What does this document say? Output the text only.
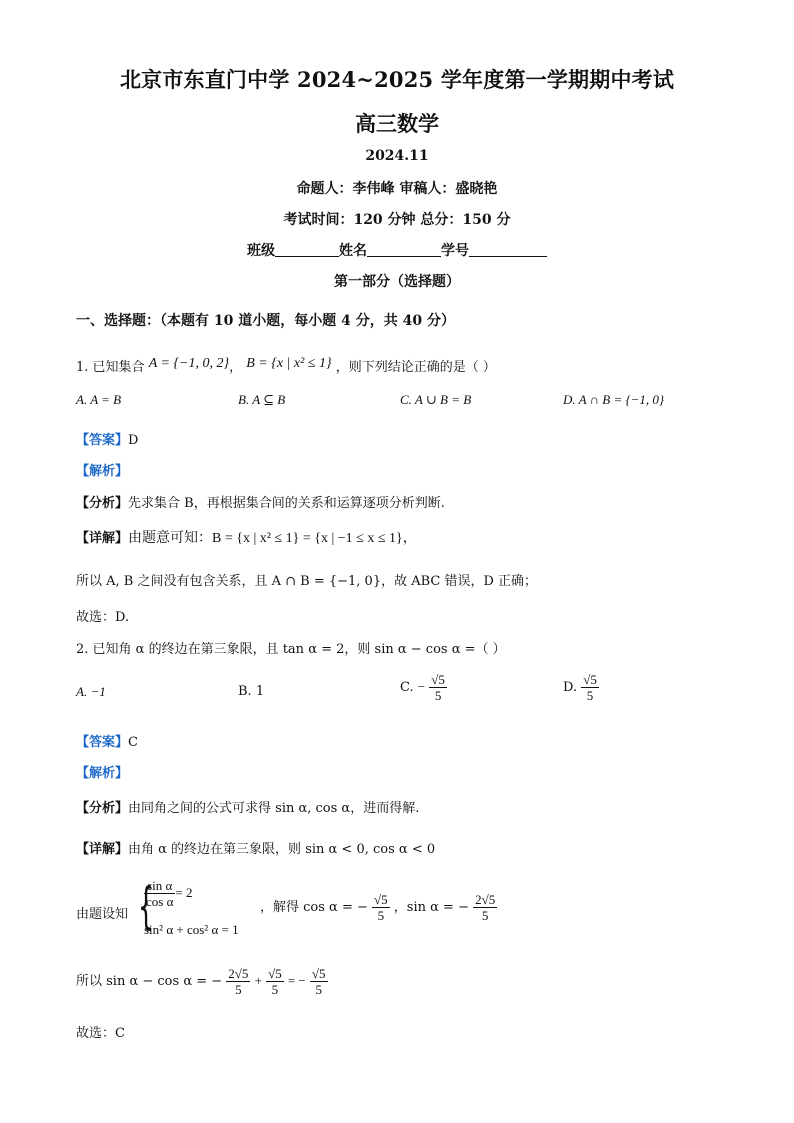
北京市东直门中学 2024~2025 学年度第一学期期中考试
高三数学
2024.11
命题人：李伟峰 审稿人：盛晓艳
考试时间：120 分钟 总分：150 分
班级	姓名	学号
第一部分（选择题）
一、选择题：（本题有 10 道小题，每小题 4 分，共 40 分）
1. 已知集合 A = {−1, 0, 2}， B = {x | x² ≤ 1} ，则下列结论正确的是（ ）
A. A = B	B. A ⊆ B	C. A ∪ B = B	D. A ∩ B = {−1, 0}
【答案】D
【解析】
【分析】先求集合 B，再根据集合间的关系和运算逐项分析判断.
【详解】由题意可知：B = {x | x² ≤ 1} = {x | −1 ≤ x ≤ 1}，
所以 A, B 之间没有包含关系，且 A ∩ B = {−1, 0}，故 ABC 错误，D 正确；
故选：D.
2. 已知角 α 的终边在第三象限，且 tan α = 2，则 sin α − cos α =（ ）
A. −1	B. 1	C. − $\frac{√5}{5}$	D. $\frac{√5}{5}$
【答案】C
【解析】
【分析】由同角之间的公式可求得 sin α, cos α，进而得解.
【详解】由角 α 的终边在第三象限，则 sin α < 0, cos α < 0
由题设知 {
$\frac{\text{sin α}}{\text{cos α}} = 2$
sin² α + cos² α = 1
，解得 cos α = − $\frac{√5}{5}$ ，sin α = − $\frac{2√5}{5}$
所以 sin α − cos α = − $\frac{2√5}{5} + \frac{√5}{5}$ = − $\frac{√5}{5}$
故选：C
